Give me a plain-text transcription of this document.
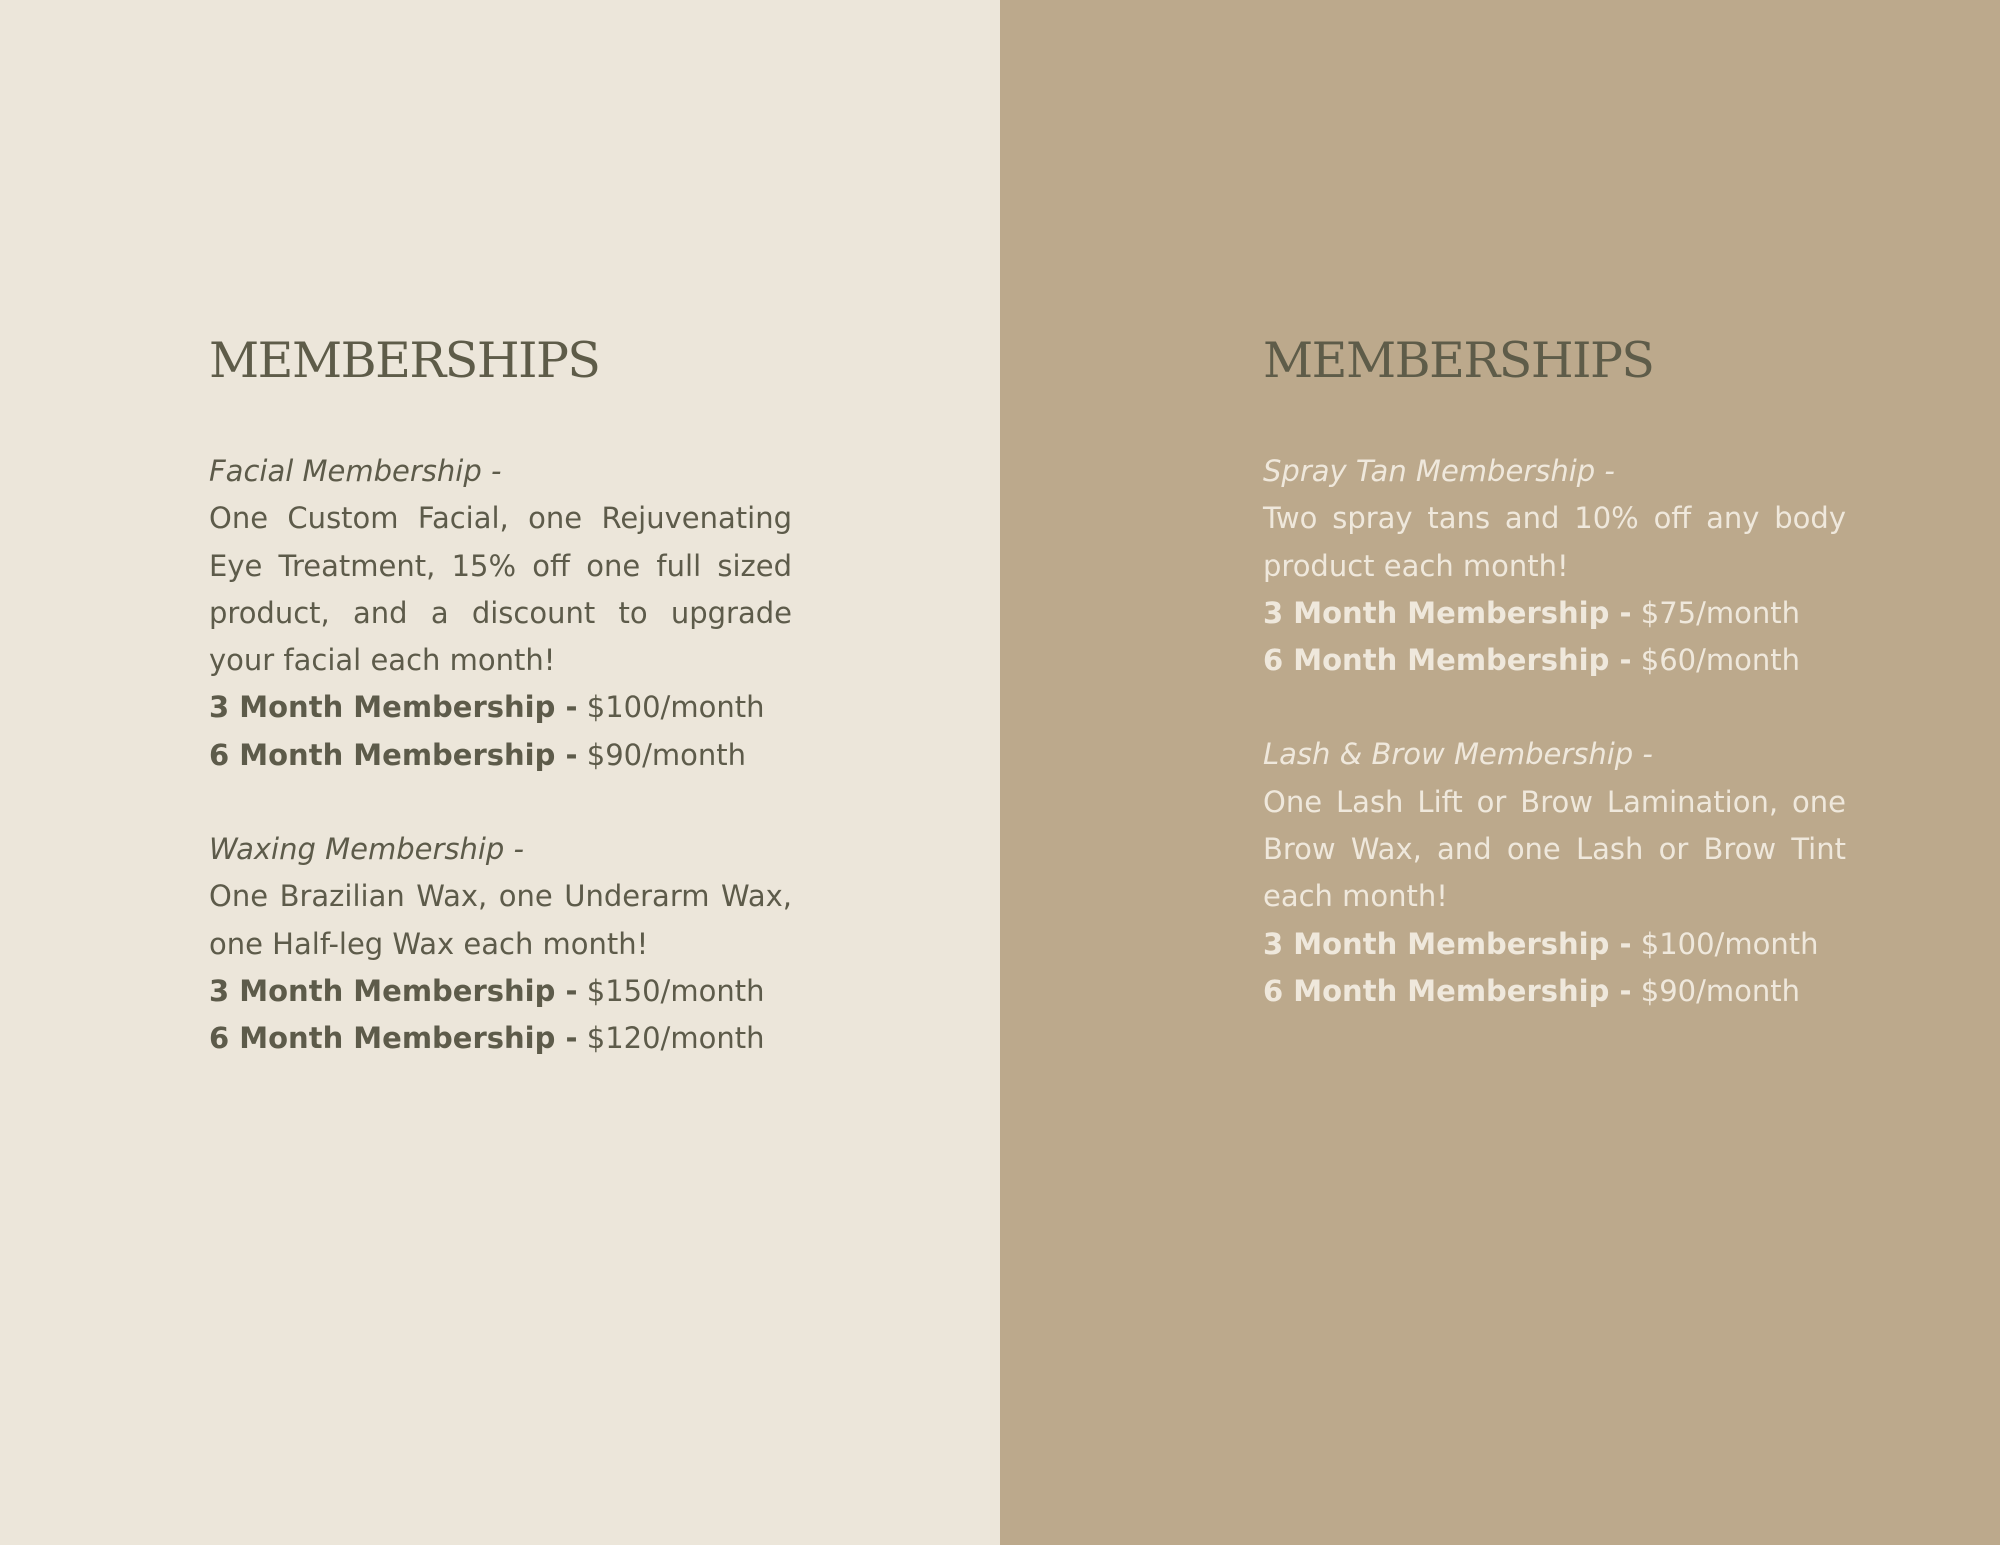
MEMBERSHIPS

Facial Membership -

One Custom Facial, one Rejuvenating Eye Treatment, 15% off one full sized product, and a discount to upgrade your facial each month!

3 Month Membership - $100/month

6 Month Membership - $90/month

Waxing Membership -

One Brazilian Wax, one Underarm Wax, one Half-leg Wax each month!

3 Month Membership - $150/month

6 Month Membership - $120/month

MEMBERSHIPS

Spray Tan Membership -

Two spray tans and 10% off any body product each month!

3 Month Membership - $75/month

6 Month Membership - $60/month

Lash & Brow Membership -

One Lash Lift or Brow Lamination, one Brow Wax, and one Lash or Brow Tint each month!

3 Month Membership - $100/month

6 Month Membership - $90/month
